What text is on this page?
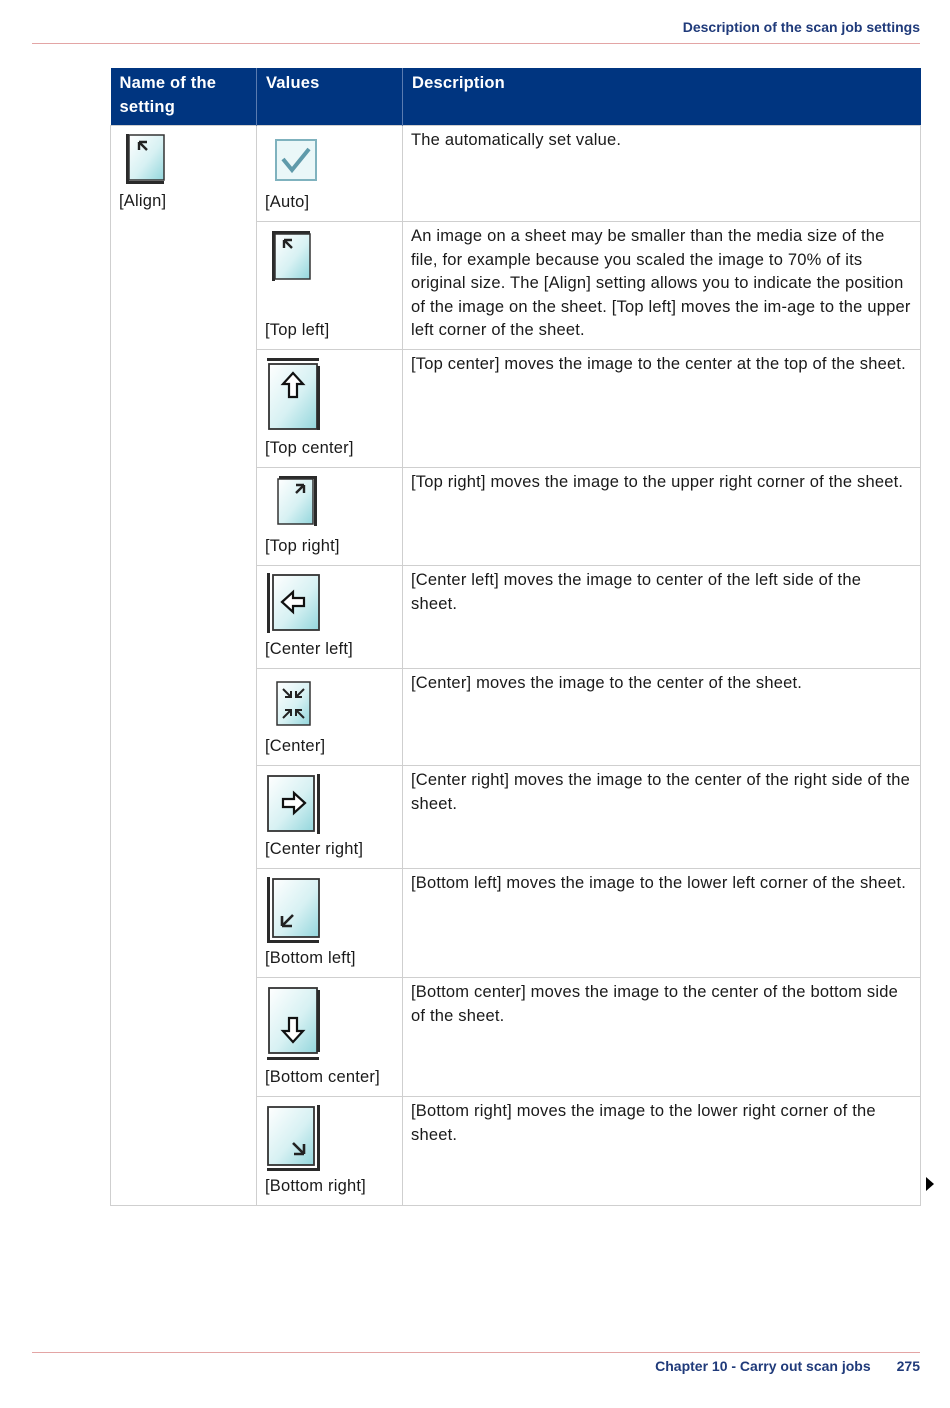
Description of the scan job settings
Name of the setting	Values	Description

[Align]	[Auto]	The automatically set value.

	[Top left]	An image on a sheet may be smaller than the media size of the file, for example because you scaled the image to 70% of its original size. The [Align] setting allows you to indicate the position of the image on the sheet. [Top left] moves the im-age to the upper left corner of the sheet.

	[Top center]	[Top center] moves the image to the center at the top of the sheet.

	[Top right]	[Top right] moves the image to the upper right corner of the sheet.

	[Center left]	[Center left] moves the image to center of the left side of the sheet.

	[Center]	[Center] moves the image to the center of the sheet.

	[Center right]	[Center right] moves the image to the center of the right side of the sheet.

	[Bottom left]	[Bottom left] moves the image to the lower left corner of the sheet.

	[Bottom center]	[Bottom center] moves the image to the center of the bottom side of the sheet.

	[Bottom right]	[Bottom right] moves the image to the lower right corner of the sheet.
Chapter 10 - Carry out scan jobs 275
